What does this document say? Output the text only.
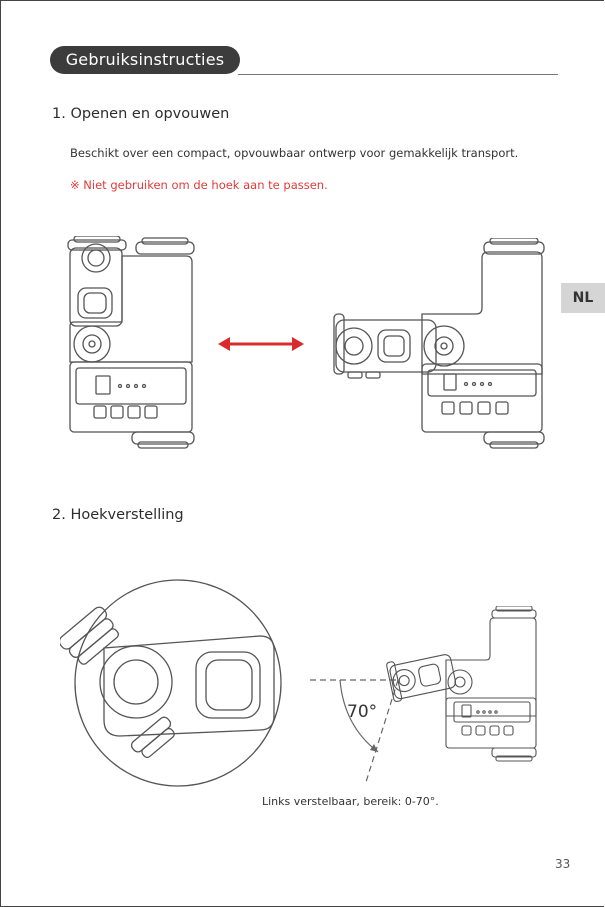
Gebruiksinstructies
NL
1. Openen en opvouwen
Beschikt over een compact, opvouwbaar ontwerp voor gemakkelijk transport.
※ Niet gebruiken om de hoek aan te passen.
2. Hoekverstelling
70°
Links verstelbaar, bereik: 0-70°.
33
